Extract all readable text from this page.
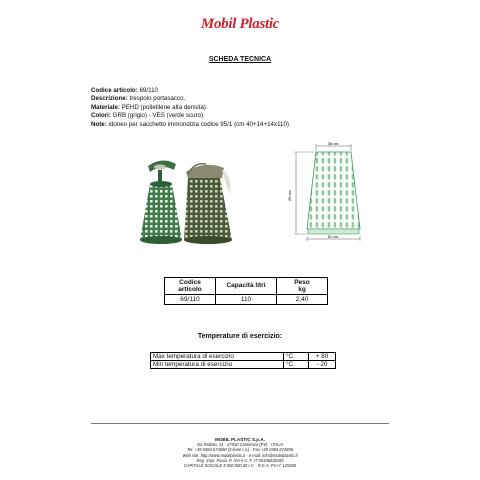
Mobil Plastic
SCHEDA TECNICA
Codice articolo: 69/110
Descrizione: trespolo portasacco.
Materiale: PEHD (polietilene alta densità).
Colori: GRB (grigio) - VES (verde scuro).
Note: idoneo per sacchetto immondizia codice 95/1 (cm 40+14+14x110)
38 cm.
85 cm.
51 cm.
Codice
articolo	Capacità litri	Peso
kg
69/110	110	2,40
Temperature di esercizio:
Max temperatura di esercizio	°C	+ 80
Min temperatura di esercizio	°C	- 20
MOBIL PLASTIC S.p.A.
Via Robbio, 31 - 27030 Confienza (PV) - ITALIA
Tel. +39 0384 674690 (3 linee r.a.) - Fax +39 0384 674696
Web site: http://www.mobilplastic.it - e-mail: info@mobilplastic.it
Reg. Impr. Pavia, P. IVA e C. F. IT 00196030185
CAPITALE SOCIALE € 500.000,00 I.V. - R.E.A. PV n° 125650
